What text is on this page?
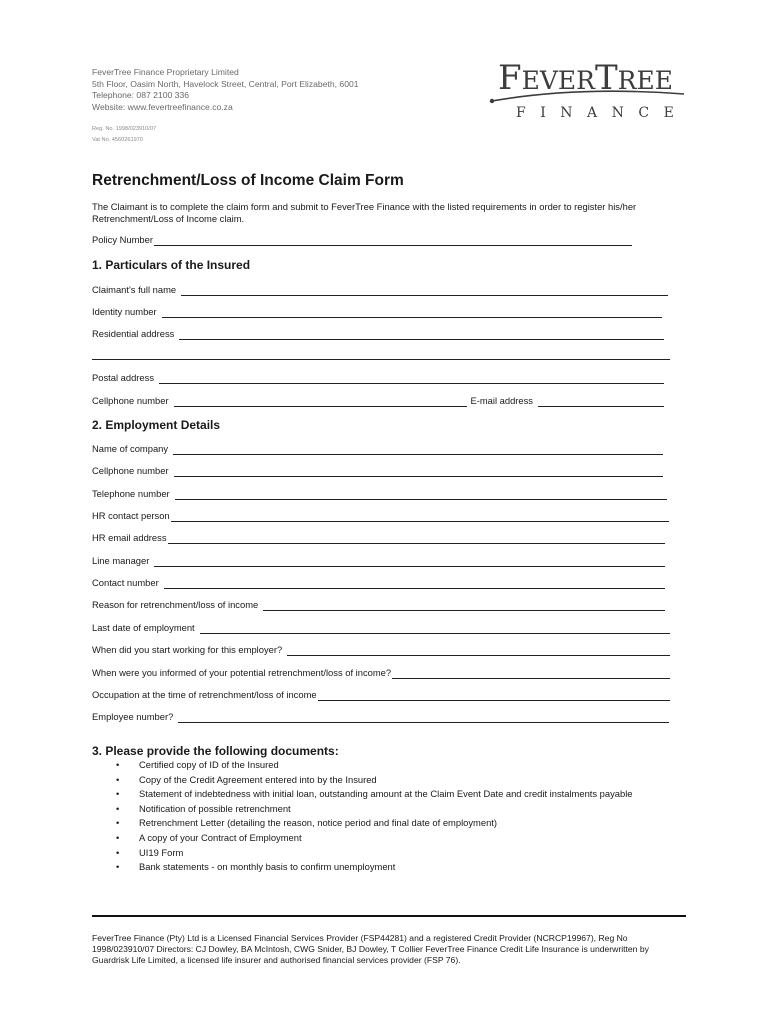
FeverTree Finance Proprietary Limited
5th Floor, Oasim North, Havelock Street, Central, Port Elizabeth, 6001
Telephone: 087 2100 336
Website: www.fevertreefinance.co.za
Reg. No. 1998/023910/07
Vat No. 4560261970
FEVERTREE
FINANCE
Retrenchment/Loss of Income Claim Form
The Claimant is to complete the claim form and submit to FeverTree Finance with the listed requirements in order to register his/her Retrenchment/Loss of Income claim.
Policy Number
1. Particulars of the Insured
Claimant's full name
Identity number
Residential address
Postal address
Cellphone number	E-mail address
2. Employment Details
Name of company
Cellphone number
Telephone number
HR contact person
HR email address
Line manager
Contact number
Reason for retrenchment/loss of income
Last date of employment
When did you start working for this employer?
When were you informed of your potential retrenchment/loss of income?
Occupation at the time of retrenchment/loss of income
Employee number?
3. Please provide the following documents:
• Certified copy of ID of the Insured
• Copy of the Credit Agreement entered into by the Insured
• Statement of indebtedness with initial loan, outstanding amount at the Claim Event Date and credit instalments payable
• Notification of possible retrenchment
• Retrenchment Letter (detailing the reason, notice period and final date of employment)
• A copy of your Contract of Employment
• UI19 Form
• Bank statements - on monthly basis to confirm unemployment
FeverTree Finance (Pty) Ltd is a Licensed Financial Services Provider (FSP44281) and a registered Credit Provider (NCRCP19967), Reg No 1998/023910/07 Directors: CJ Dowley, BA McIntosh, CWG Snider, BJ Dowley, T Collier FeverTree Finance Credit Life Insurance is underwritten by Guardrisk Life Limited, a licensed life insurer and authorised financial services provider (FSP 76).
